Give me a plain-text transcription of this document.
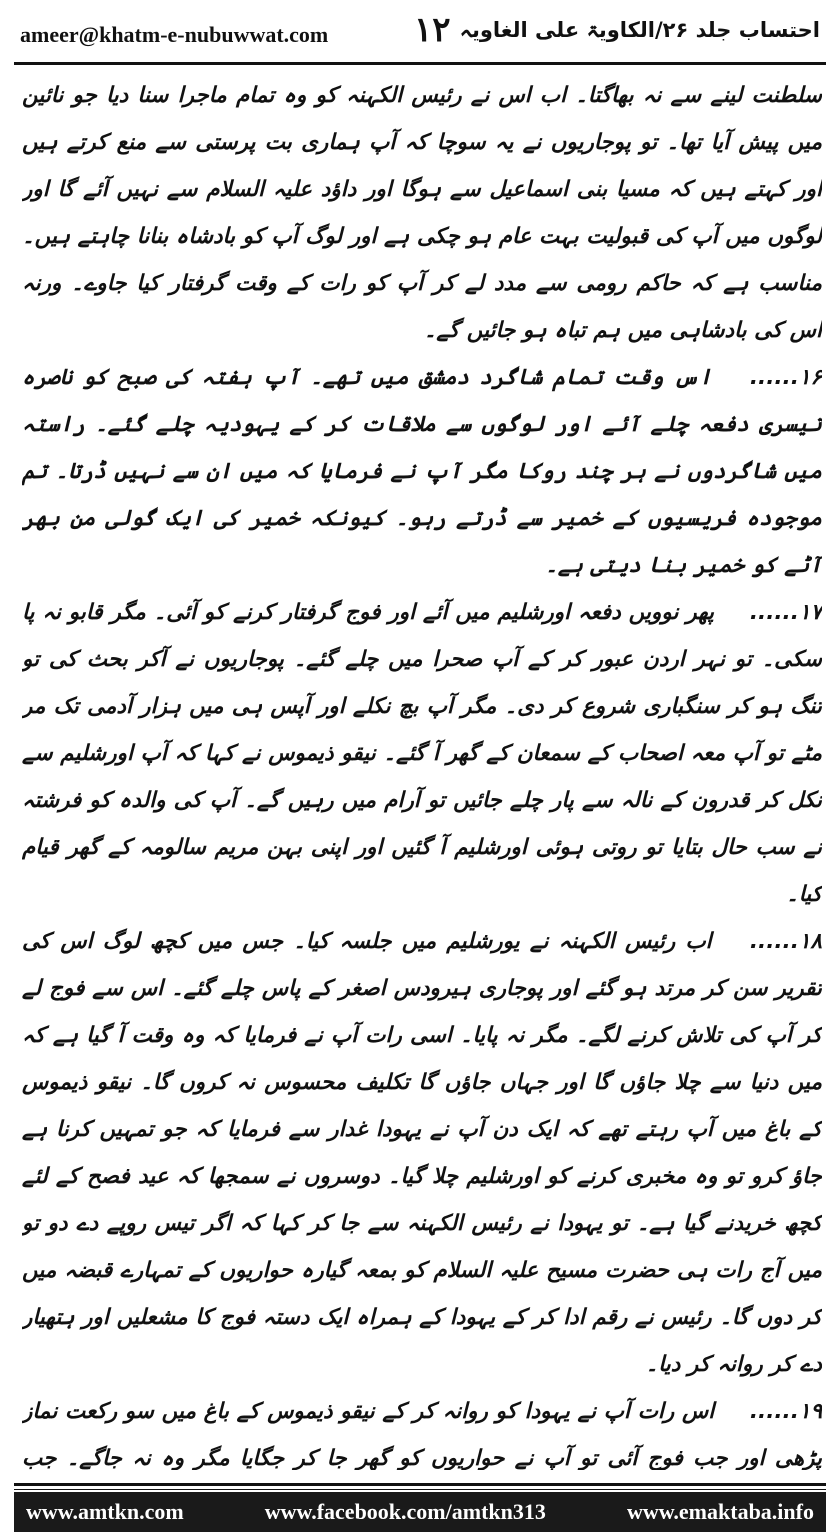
ameer@khatm-e-nubuwwat.com	۱۲ احتساب جلد ۲۶/الکاویۃ علی الغاویہ

سلطنت لینے سے نہ بھاگتا۔ اب اس نے رئیس الکہنہ کو وہ تمام ماجرا سنا دیا جو نائین میں پیش آیا تھا۔ تو پوجاریوں نے یہ سوچا کہ آپ ہماری بت پرستی سے منع کرتے ہیں اور کہتے ہیں کہ مسیا بنی اسماعیل سے ہوگا اور داؤد علیہ السلام سے نہیں آئے گا اور لوگوں میں آپ کی قبولیت بہت عام ہو چکی ہے اور لوگ آپ کو بادشاہ بنانا چاہتے ہیں۔ مناسب ہے کہ حاکم رومی سے مدد لے کر آپ کو رات کے وقت گرفتار کیا جاوے۔ ورنہ اس کی بادشاہی میں ہم تباہ ہو جائیں گے۔

۱۶...... اس وقت تمام شاگرد دمشق میں تھے۔ آپ ہفتہ کی صبح کو ناصرہ تیسری دفعہ چلے آئے اور لوگوں سے ملاقات کر کے یہودیہ چلے گئے۔ راستہ میں شاگردوں نے ہر چند روکا مگر آپ نے فرمایا کہ میں ان سے نہیں ڈرتا۔ تم موجودہ فریسیوں کے خمیر سے ڈرتے رہو۔ کیونکہ خمیر کی ایک گولی من بھر آٹے کو خمیر بنا دیتی ہے۔

۱۷...... پھر نوویں دفعہ اورشلیم میں آئے اور فوج گرفتار کرنے کو آئی۔ مگر قابو نہ پا سکی۔ تو نہر اردن عبور کر کے آپ صحرا میں چلے گئے۔ پوجاریوں نے آکر بحث کی تو تنگ ہو کر سنگباری شروع کر دی۔ مگر آپ بچ نکلے اور آپس ہی میں ہزار آدمی تک مر مٹے تو آپ معہ اصحاب کے سمعان کے گھر آ گئے۔ نیقو ذیموس نے کہا کہ آپ اورشلیم سے نکل کر قدرون کے نالہ سے پار چلے جائیں تو آرام میں رہیں گے۔ آپ کی والدہ کو فرشتہ نے سب حال بتایا تو روتی ہوئی اورشلیم آ گئیں اور اپنی بہن مریم سالومہ کے گھر قیام کیا۔

۱۸...... اب رئیس الکہنہ نے یورشلیم میں جلسہ کیا۔ جس میں کچھ لوگ اس کی تقریر سن کر مرتد ہو گئے اور پوجاری ہیرودس اصغر کے پاس چلے گئے۔ اس سے فوج لے کر آپ کی تلاش کرنے لگے۔ مگر نہ پایا۔ اسی رات آپ نے فرمایا کہ وہ وقت آ گیا ہے کہ میں دنیا سے چلا جاؤں گا اور جہاں جاؤں گا تکلیف محسوس نہ کروں گا۔ نیقو ذیموس کے باغ میں آپ رہتے تھے کہ ایک دن آپ نے یہودا غدار سے فرمایا کہ جو تمہیں کرنا ہے جاؤ کرو تو وہ مخبری کرنے کو اورشلیم چلا گیا۔ دوسروں نے سمجھا کہ عید فصح کے لئے کچھ خریدنے گیا ہے۔ تو یہودا نے رئیس الکہنہ سے جا کر کہا کہ اگر تیس روپے دے دو تو میں آج رات ہی حضرت مسیح علیہ السلام کو بمعہ گیارہ حواریوں کے تمہارے قبضہ میں کر دوں گا۔ رئیس نے رقم ادا کر کے یہودا کے ہمراہ ایک دستہ فوج کا مشعلیں اور ہتھیار دے کر روانہ کر دیا۔

۱۹...... اس رات آپ نے یہودا کو روانہ کر کے نیقو ذیموس کے باغ میں سو رکعت نماز پڑھی اور جب فوج آئی تو آپ نے حواریوں کو گھر جا کر جگایا مگر وہ نہ جاگے۔ جب

www.amtkn.com	www.facebook.com/amtkn313	www.emaktaba.info
